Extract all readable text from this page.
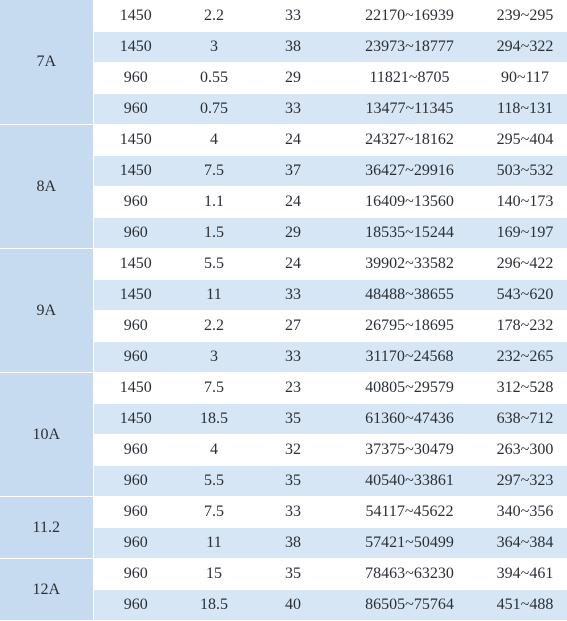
7A	1450	2.2	33	22170~16939	239~295	
	1450	3	38	23973~18777	294~322	
	960	0.55	29	11821~8705	90~117	
	960	0.75	33	13477~11345	118~131	
8A	1450	4	24	24327~18162	295~404	
	1450	7.5	37	36427~29916	503~532	
	960	1.1	24	16409~13560	140~173	
	960	1.5	29	18535~15244	169~197	
9A	1450	5.5	24	39902~33582	296~422	
	1450	11	33	48488~38655	543~620	
	960	2.2	27	26795~18695	178~232	
	960	3	33	31170~24568	232~265	
10A	1450	7.5	23	40805~29579	312~528	
	1450	18.5	35	61360~47436	638~712	
	960	4	32	37375~30479	263~300	
	960	5.5	35	40540~33861	297~323	
11.2	960	7.5	33	54117~45622	340~356	
	960	11	38	57421~50499	364~384	
12A	960	15	35	78463~63230	394~461	
	960	18.5	40	86505~75764	451~488	
